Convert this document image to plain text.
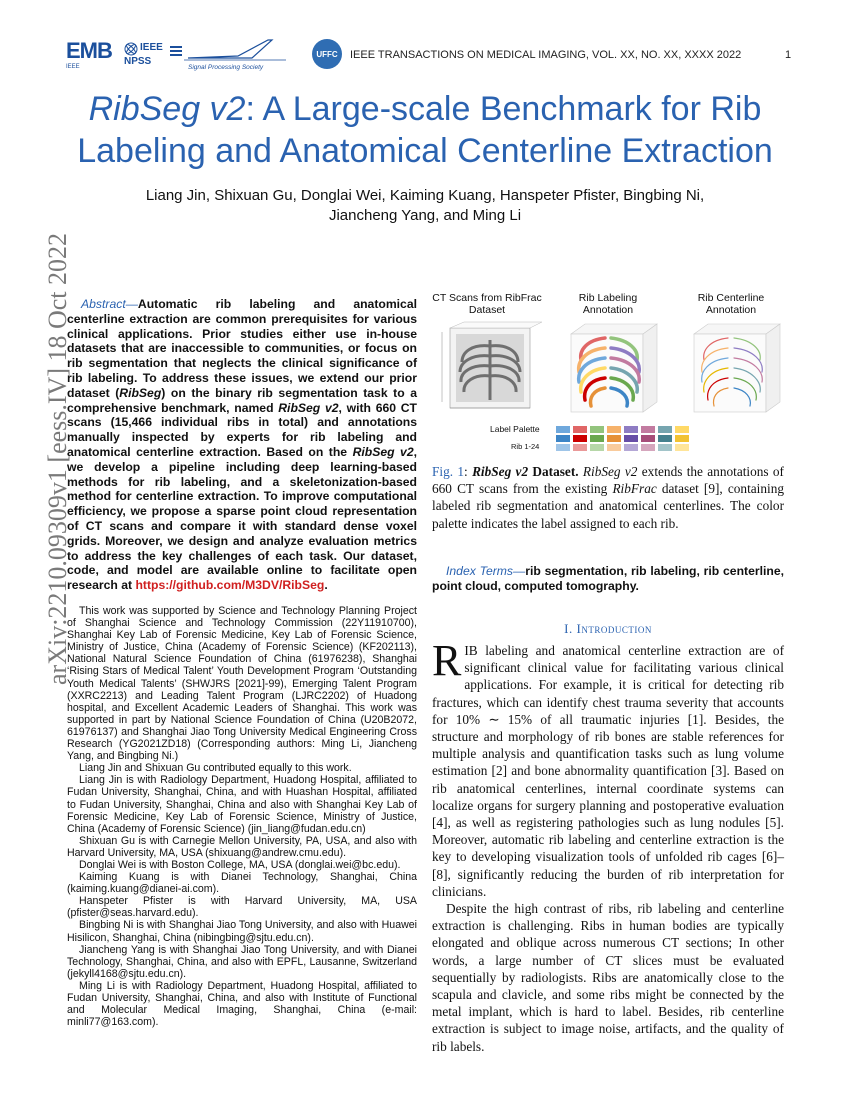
EMB
IEEE
IEEE
NPSS
Signal Processing Society
UFFC	IEEE TRANSACTIONS ON MEDICAL IMAGING, VOL. XX, NO. XX, XXXX 2022	1
RibSeg v2: A Large-scale Benchmark for Rib
Labeling and Anatomical Centerline Extraction
Liang Jin, Shixuan Gu, Donglai Wei, Kaiming Kuang, Hanspeter Pfister, Bingbing Ni,
Jiancheng Yang, and Ming Li
arXiv:2210.09309v1 [eess.IV] 18 Oct 2022 Abstract—Automatic rib labeling and anatomical centerline extraction are common prerequisites for various clinical applications. Prior studies either use in-house datasets that are inaccessible to communities, or focus on rib segmentation that neglects the clinical significance of rib labeling. To address these issues, we extend our prior dataset (RibSeg) on the binary rib segmentation task to a comprehensive benchmark, named RibSeg v2, with 660 CT scans (15,466 individual ribs in total) and annotations manually inspected by experts for rib labeling and anatomical centerline extraction. Based on the RibSeg v2, we develop a pipeline including deep learning-based methods for rib labeling, and a skeletonization-based method for centerline extraction. To improve computational efficiency, we propose a sparse point cloud representation of CT scans and compare it with standard dense voxel grids. Moreover, we design and analyze evaluation metrics to address the key challenges of each task. Our dataset, code, and model are available online to facilitate open research at https://github.com/M3DV/RibSeg.

This work was supported by Science and Technology Planning Project of Shanghai Science and Technology Commission (22Y11910700), Shanghai Key Lab of Forensic Medicine, Key Lab of Forensic Science, Ministry of Justice, China (Academy of Forensic Science) (KF202113), National Natural Science Foundation of China (61976238), Shanghai ‘Rising Stars of Medical Talent’ Youth Development Program ‘Outstanding Youth Medical Talents’ (SHWJRS [2021]-99), Emerging Talent Program (XXRC2213) and Leading Talent Program (LJRC2202) of Huadong hospital, and Excellent Academic Leaders of Shanghai. This work was supported in part by National Science Foundation of China (U20B2072, 61976137) and Shanghai Jiao Tong University Medical Engineering Cross Research (YG2021ZD18) (Corresponding authors: Ming Li, Jiancheng Yang, and Bingbing Ni.)

Liang Jin and Shixuan Gu contributed equally to this work.

Liang Jin is with Radiology Department, Huadong Hospital, affiliated to Fudan University, Shanghai, China, and with Huashan Hospital, affiliated to Fudan University, Shanghai, China and also with Shanghai Key Lab of Forensic Medicine, Key Lab of Forensic Science, Ministry of Justice, China (Academy of Forensic Science) (jin_liang@fudan.edu.cn)

Shixuan Gu is with Carnegie Mellon University, PA, USA, and also with Harvard University, MA, USA (shixuang@andrew.cmu.edu).

Donglai Wei is with Boston College, MA, USA (donglai.wei@bc.edu).

Kaiming Kuang is with Dianei Technology, Shanghai, China (kaiming.kuang@dianei-ai.com).

Hanspeter Pfister is with Harvard University, MA, USA (pfister@seas.harvard.edu).

Bingbing Ni is with Shanghai Jiao Tong University, and also with Huawei Hisilicon, Shanghai, China (nibingbing@sjtu.edu.cn).

Jiancheng Yang is with Shanghai Jiao Tong University, and with Dianei Technology, Shanghai, China, and also with EPFL, Lausanne, Switzerland (jekyll4168@sjtu.edu.cn).

Ming Li is with Radiology Department, Huadong Hospital, affiliated to Fudan University, Shanghai, China, and also with Institute of Functional and Molecular Medical Imaging, Shanghai, China (e-mail: minli77@163.com).

CT Scans from RibFrac Dataset
Rib Labeling Annotation
Rib Centerline Annotation
Label Palette
Rib 1-24
Fig. 1: RibSeg v2 Dataset. RibSeg v2 extends the annotations of 660 CT scans from the existing RibFrac dataset [9], containing labeled rib segmentation and anatomical centerlines. The color palette indicates the label assigned to each rib.
Index Terms—rib segmentation, rib labeling, rib centerline, point cloud, computed tomography.
I. Introduction

RIB labeling and anatomical centerline extraction are of significant clinical value for facilitating various clinical applications. For example, it is critical for detecting rib fractures, which can identify chest trauma severity that accounts for 10% ∼ 15% of all traumatic injuries [1]. Besides, the structure and morphology of rib bones are stable references for multiple analysis and quantification tasks such as lung volume estimation [2] and bone abnormality quantification [3]. Based on rib anatomical centerlines, internal coordinate systems can localize organs for surgery planning and postoperative evaluation [4], as well as registering pathologies such as lung nodules [5]. Moreover, automatic rib labeling and centerline extraction is the key to developing visualization tools of unfolded rib cages [6]–[8], significantly reducing the burden of rib interpretation for clinicians.

Despite the high contrast of ribs, rib labeling and centerline extraction is challenging. Ribs in human bodies are typically elongated and oblique across numerous CT sections; In other words, a large number of CT slices must be evaluated sequentially by radiologists. Ribs are anatomically close to the scapula and clavicle, and some ribs might be connected by the metal implant, which is hard to label. Besides, rib centerline extraction is subject to image noise, artifacts, and the quality of rib labels.
